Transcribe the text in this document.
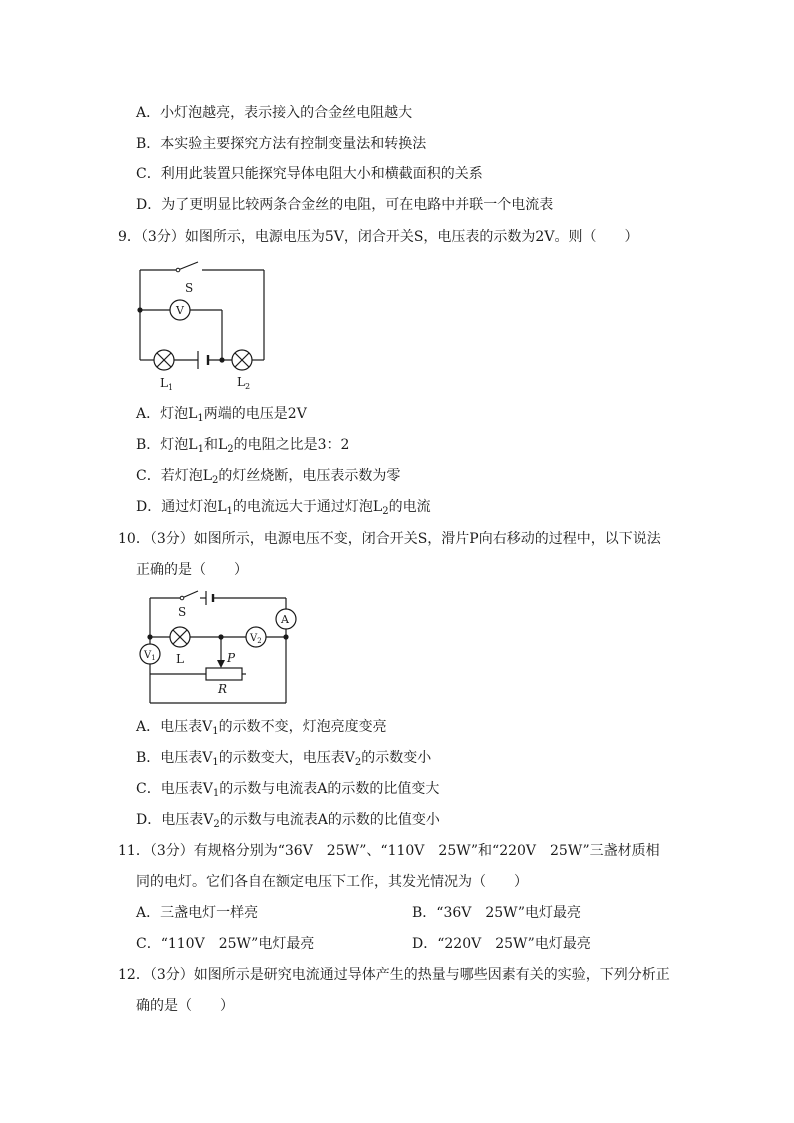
A．小灯泡越亮，表示接入的合金丝电阻越大
B．本实验主要探究方法有控制变量法和转换法
C．利用此装置只能探究导体电阻大小和横截面积的关系
D．为了更明显比较两条合金丝的电阻，可在电路中并联一个电流表
9．（3分）如图所示，电源电压为5V，闭合开关S，电压表的示数为2V。则（　　）
S
V
$L_1$	$L_2$
A．灯泡$L_1$两端的电压是2V
B．灯泡$L_1$和$L_2$的电阻之比是3：2
C．若灯泡$L_2$的灯丝烧断，电压表示数为零
D．通过灯泡$L_1$的电流远大于通过灯泡$L_2$的电流
10．（3分）如图所示，电源电压不变，闭合开关S，滑片P向右移动的过程中，以下说法
正确的是（　　）
S
A
L
$V_1$
$V_2$
P
R
A．电压表$V_1$的示数不变，灯泡亮度变亮
B．电压表$V_1$的示数变大，电压表$V_2$的示数变小
C．电压表$V_1$的示数与电流表A的示数的比值变大
D．电压表$V_2$的示数与电流表A的示数的比值变小
11．（3分）有规格分别为“36V　25W”、“110V　25W”和“220V　25W”三盏材质相
同的电灯。它们各自在额定电压下工作，其发光情况为（　　）
A．三盏电灯一样亮	B．“36V　25W”电灯最亮
C．“110V　25W”电灯最亮	D．“220V　25W”电灯最亮
12．（3分）如图所示是研究电流通过导体产生的热量与哪些因素有关的实验，下列分析正
确的是（　　）
